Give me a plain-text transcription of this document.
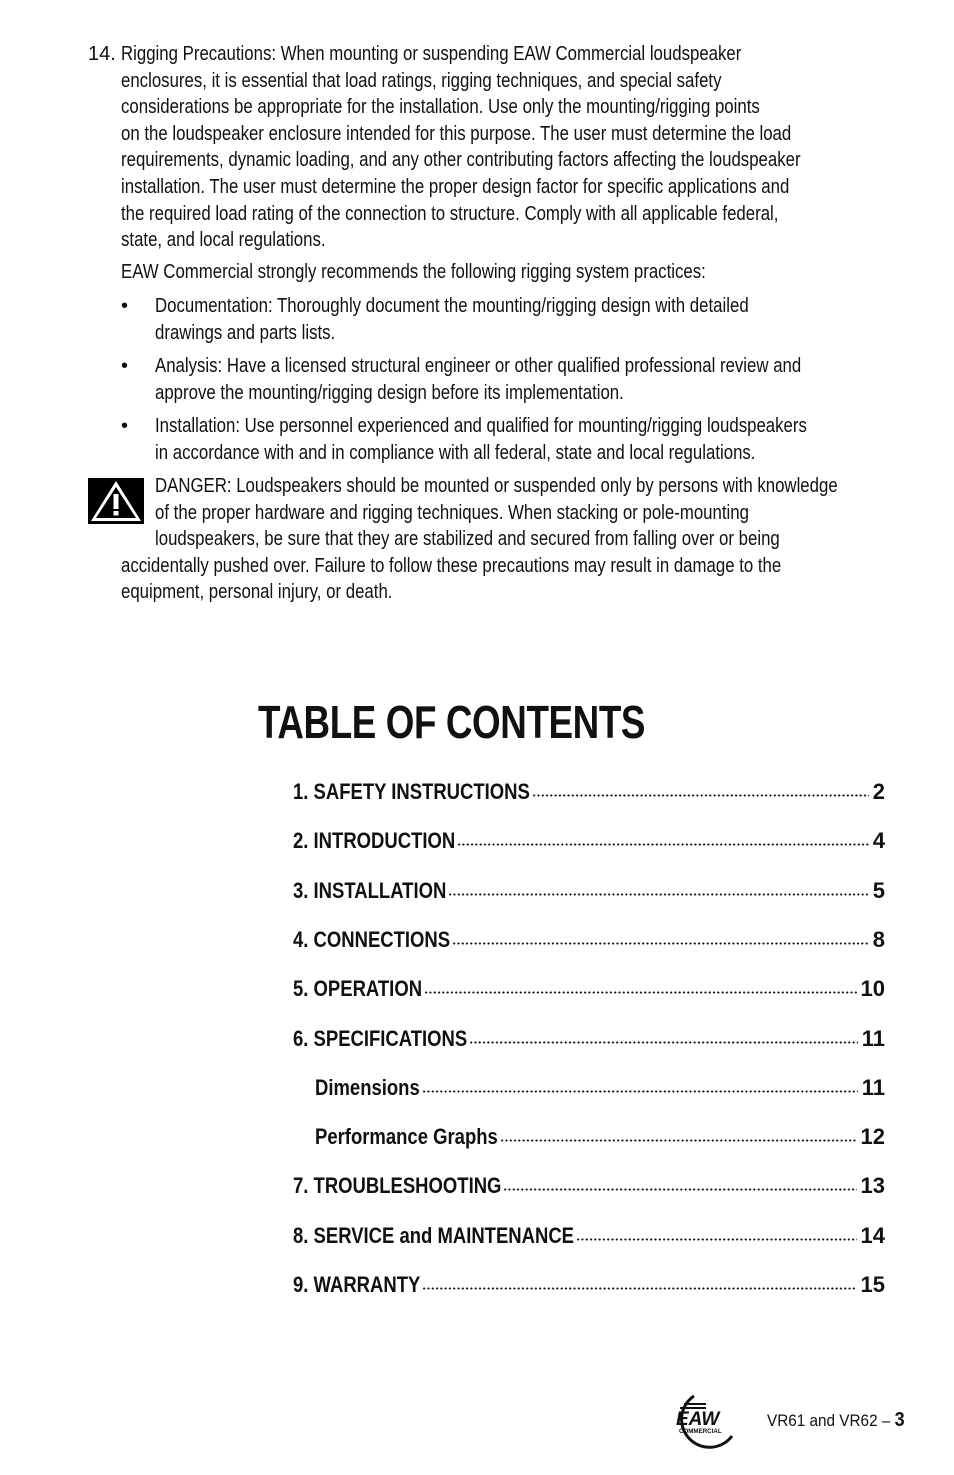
14. Rigging Precautions: When mounting or suspending EAW Commercial loudspeaker
enclosures, it is essential that load ratings, rigging techniques, and special safety
considerations be appropriate for the installation. Use only the mounting/rigging points
on the loudspeaker enclosure intended for this purpose. The user must determine the load
requirements, dynamic loading, and any other contributing factors affecting the loudspeaker
installation. The user must determine the proper design factor for specific applications and
the required load rating of the connection to structure. Comply with all applicable federal,
state, and local regulations.
EAW Commercial strongly recommends the following rigging system practices:
• Documentation: Thoroughly document the mounting/rigging design with detailed
drawings and parts lists.
• Analysis: Have a licensed structural engineer or other qualified professional review and
approve the mounting/rigging design before its implementation.
• Installation: Use personnel experienced and qualified for mounting/rigging loudspeakers
in accordance with and in compliance with all federal, state and local regulations.
DANGER: Loudspeakers should be mounted or suspended only by persons with knowledge
of the proper hardware and rigging techniques. When stacking or pole-mounting
loudspeakers, be sure that they are stabilized and secured from falling over or being
accidentally pushed over. Failure to follow these precautions may result in damage to the
equipment, personal injury, or death.
TABLE OF CONTENTS
1. SAFETY INSTRUCTIONS	2
2. INTRODUCTION	4
3. INSTALLATION	5
4. CONNECTIONS	8
5. OPERATION	10
6. SPECIFICATIONS	11
Dimensions	11
Performance Graphs	12
7. TROUBLESHOOTING	13
8. SERVICE and MAINTENANCE	14
9. WARRANTY	15
EAW
COMMERCIAL
VR61 and VR62 – 3
